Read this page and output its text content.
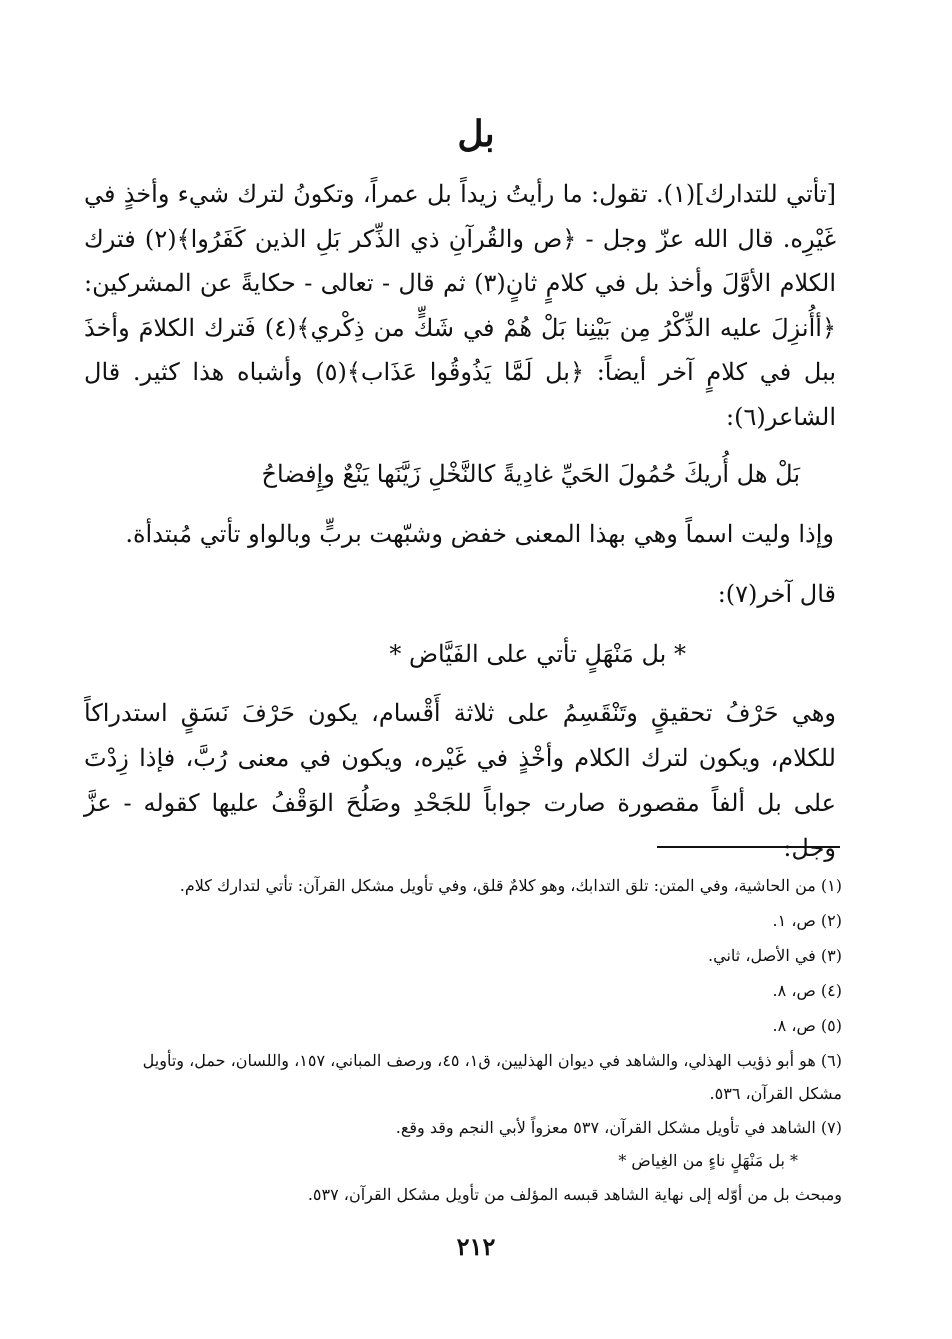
بل

[تأتي للتدارك](١). تقول: ما رأيتُ زيداً بل عمراً، وتكونُ لترك شيء وأخذٍ في غَيْرِه. قال الله عزّ وجل - ﴿ص والقُرآنِ ذي الذِّكر بَلِ الذين كَفَرُوا﴾(٢) فترك الكلام الأوَّلَ وأخذ بل في كلامٍ ثانٍ(٣) ثم قال - تعالى - حكايةً عن المشركين: ﴿أأُنزِلَ عليه الذِّكْرُ مِن بَيْنِنا بَلْ هُمْ في شَكٍّ من ذِكْري﴾(٤) فَترك الكلامَ وأخذَ ببل في كلامٍ آخر أيضاً: ﴿بل لَمَّا يَذُوقُوا عَذَاب﴾(٥) وأشباه هذا كثير. قال الشاعر(٦):

بَلْ هل أُريكَ حُمُولَ الحَيِّ غادِيةً كالنَّخْلِ زَيَّنَها يَنْعٌ وإِفضاحُ

وإذا وليت اسماً وهي بهذا المعنى خفض وشبّهت بربٍّ وبالواو تأتي مُبتدأة.

قال آخر(٧):

* بل مَنْهَلٍ تأتي على الفَيَّاض *

وهي حَرْفُ تحقيقٍ وتَنْقَسِمُ على ثلاثة أَقْسام، يكون حَرْفَ نَسَقٍ استدراكاً للكلام، ويكون لترك الكلام وأخْذٍ في غَيْره، ويكون في معنى رُبَّ، فإذا زِدْتَ على بل ألفاً مقصورة صارت جواباً للجَحْدِ وصَلُحَ الوَقْفُ عليها كقوله - عزَّ وجل:

(١) من الحاشية، وفي المتن: تلق التدابك، وهو كلامٌ قلق، وفي تأويل مشكل القرآن: تأتي لتدارك كلام.

(٢) ص، ١.

(٣) في الأصل، ثاني.

(٤) ص، ٨.

(٥) ص، ٨.

(٦) هو أبو ذؤيب الهذلي، والشاهد في ديوان الهذليين، ق١، ٤٥، ورصف المباني، ١٥٧، واللسان، حمل، وتأويل

مشكل القرآن، ٥٣٦.

(٧) الشاهد في تأويل مشكل القرآن، ٥٣٧ معزواً لأبي النجم وقد وقع.

* بل مَنْهَلٍ ناءٍ من الغِياض *

ومبحث بل من أوّله إلى نهاية الشاهد قبسه المؤلف من تأويل مشكل القرآن، ٥٣٧.

٢١٢
